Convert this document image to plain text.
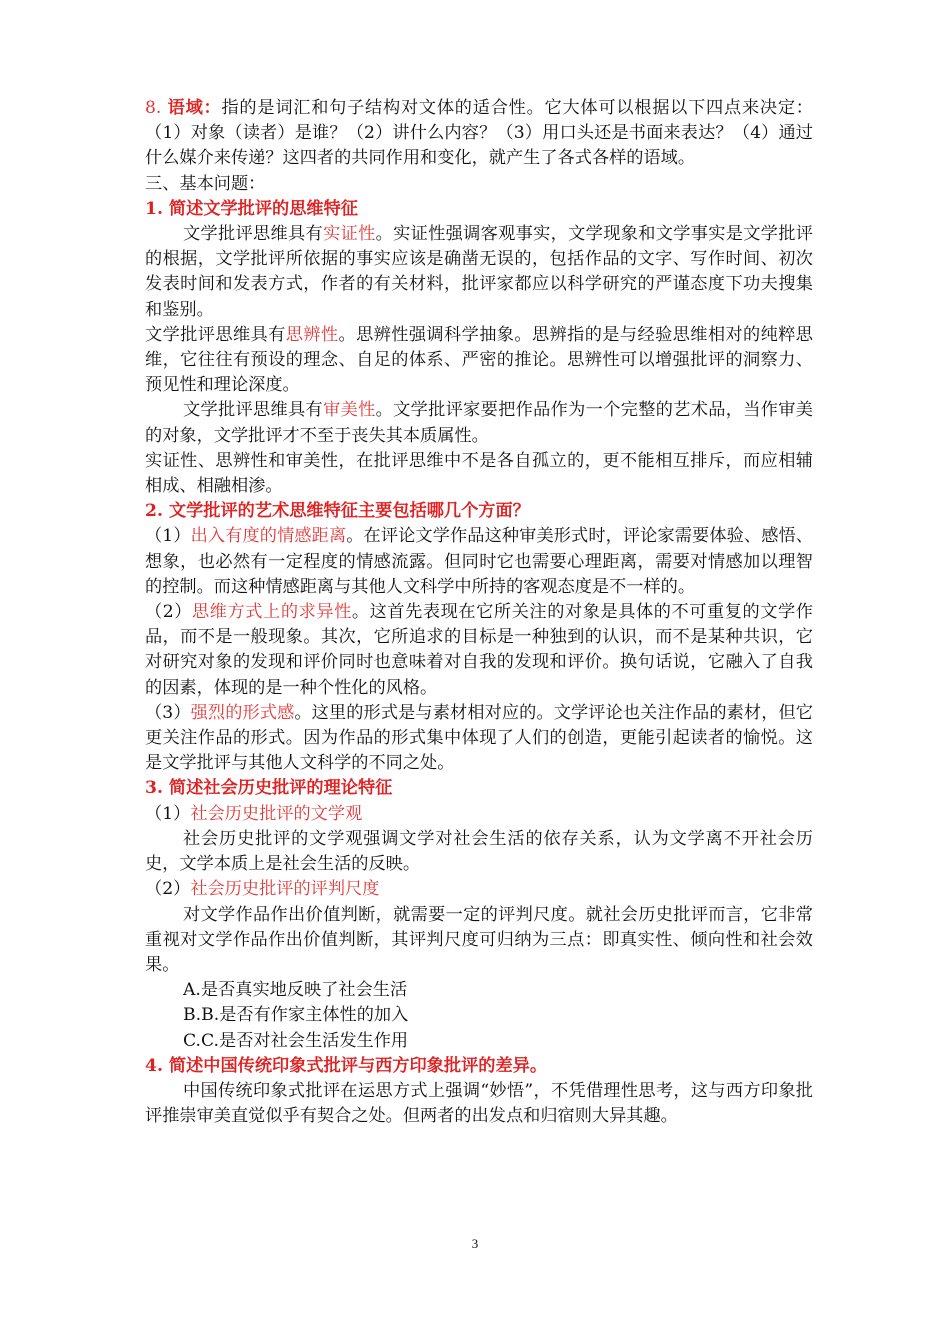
8. 语域：指的是词汇和句子结构对文体的适合性。它大体可以根据以下四点来决定：（1）对象（读者）是谁？（2）讲什么内容？（3）用口头还是书面来表达？（4）通过什么媒介来传递？这四者的共同作用和变化，就产生了各式各样的语域。

三、基本问题：

1. 简述文学批评的思维特征

文学批评思维具有实证性。实证性强调客观事实，文学现象和文学事实是文学批评的根据，文学批评所依据的事实应该是确凿无误的，包括作品的文字、写作时间、初次发表时间和发表方式，作者的有关材料，批评家都应以科学研究的严谨态度下功夫搜集和鉴别。

文学批评思维具有思辨性。思辨性强调科学抽象。思辨指的是与经验思维相对的纯粹思维，它往往有预设的理念、自足的体系、严密的推论。思辨性可以增强批评的洞察力、预见性和理论深度。

文学批评思维具有审美性。文学批评家要把作品作为一个完整的艺术品，当作审美的对象，文学批评才不至于丧失其本质属性。

实证性、思辨性和审美性，在批评思维中不是各自孤立的，更不能相互排斥，而应相辅相成、相融相渗。

2. 文学批评的艺术思维特征主要包括哪几个方面？

（1）出入有度的情感距离。在评论文学作品这种审美形式时，评论家需要体验、感悟、想象，也必然有一定程度的情感流露。但同时它也需要心理距离，需要对情感加以理智的控制。而这种情感距离与其他人文科学中所持的客观态度是不一样的。

（2）思维方式上的求异性。这首先表现在它所关注的对象是具体的不可重复的文学作品，而不是一般现象。其次，它所追求的目标是一种独到的认识，而不是某种共识，它对研究对象的发现和评价同时也意味着对自我的发现和评价。换句话说，它融入了自我的因素，体现的是一种个性化的风格。

（3）强烈的形式感。这里的形式是与素材相对应的。文学评论也关注作品的素材，但它更关注作品的形式。因为作品的形式集中体现了人们的创造，更能引起读者的愉悦。这是文学批评与其他人文科学的不同之处。

3. 简述社会历史批评的理论特征

（1）社会历史批评的文学观

社会历史批评的文学观强调文学对社会生活的依存关系，认为文学离不开社会历史，文学本质上是社会生活的反映。

（2）社会历史批评的评判尺度

对文学作品作出价值判断，就需要一定的评判尺度。就社会历史批评而言，它非常重视对文学作品作出价值判断，其评判尺度可归纳为三点：即真实性、倾向性和社会效果。

A.是否真实地反映了社会生活

B.B.是否有作家主体性的加入

C.C.是否对社会生活发生作用

4. 简述中国传统印象式批评与西方印象批评的差异。

中国传统印象式批评在运思方式上强调“妙悟”，不凭借理性思考，这与西方印象批评推崇审美直觉似乎有契合之处。但两者的出发点和归宿则大异其趣。

3
